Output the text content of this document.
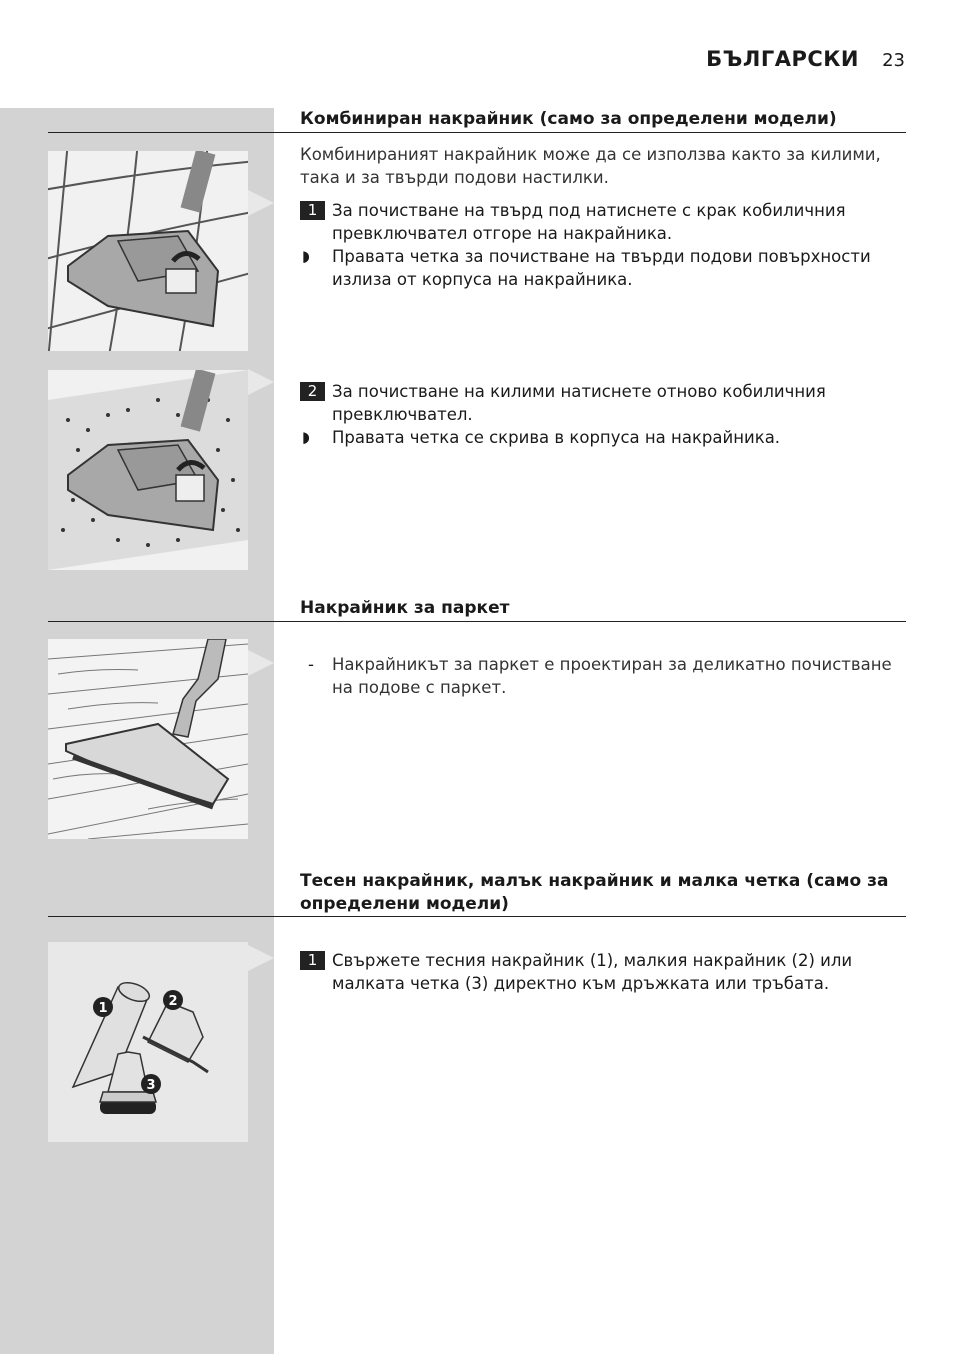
БЪЛГАРСКИ 23
Комбиниран накрайник (само за определени модели)
Комбинираният накрайник може да се използва както за килими, така и за твърди подови настилки.
1 За почистване на твърд под натиснете с крак кобиличния превключвател отгоре на накрайника.
◗ Правата четка за почистване на твърди подови повърхности излиза от корпуса на накрайника.
2 За почистване на килими натиснете отново кобиличния превключвател.
◗ Правата четка се скрива в корпуса на накрайника.
Накрайник за паркет
- Накрайникът за паркет е проектиран за деликатно почистване на подове с паркет.
Тесен накрайник, малък накрайник и малка четка (само за определени модели)
1	2
3
1 Свържете тесния накрайник (1), малкия накрайник (2) или малката четка (3) директно към дръжката или тръбата.
